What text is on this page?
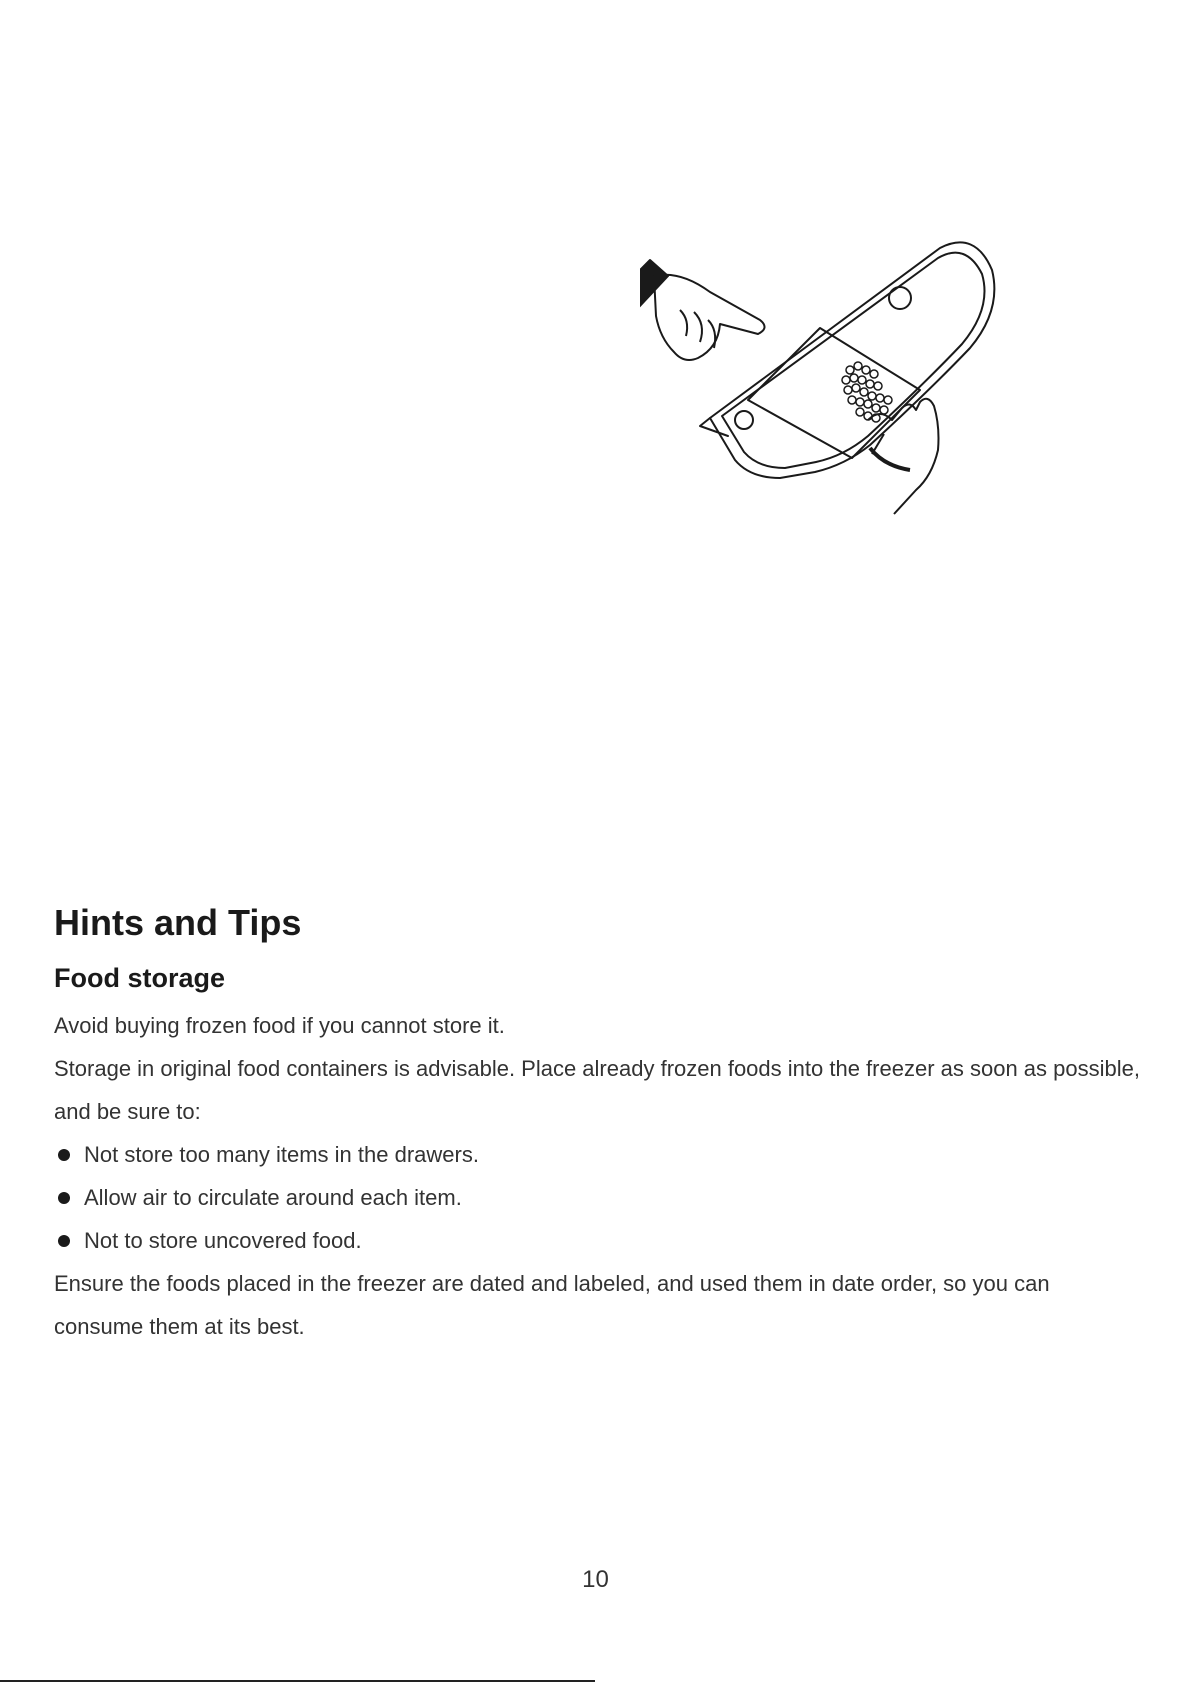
Hints and Tips
Food storage

Avoid buying frozen food if you cannot store it.

Storage in original food containers is advisable. Place already frozen foods into the freezer as soon as possible, and be sure to:

Not store too many items in the drawers.
Allow air to circulate around each item.
Not to store uncovered food.

Ensure the foods placed in the freezer are dated and labeled, and used them in date order, so you can consume them at its best.

10
